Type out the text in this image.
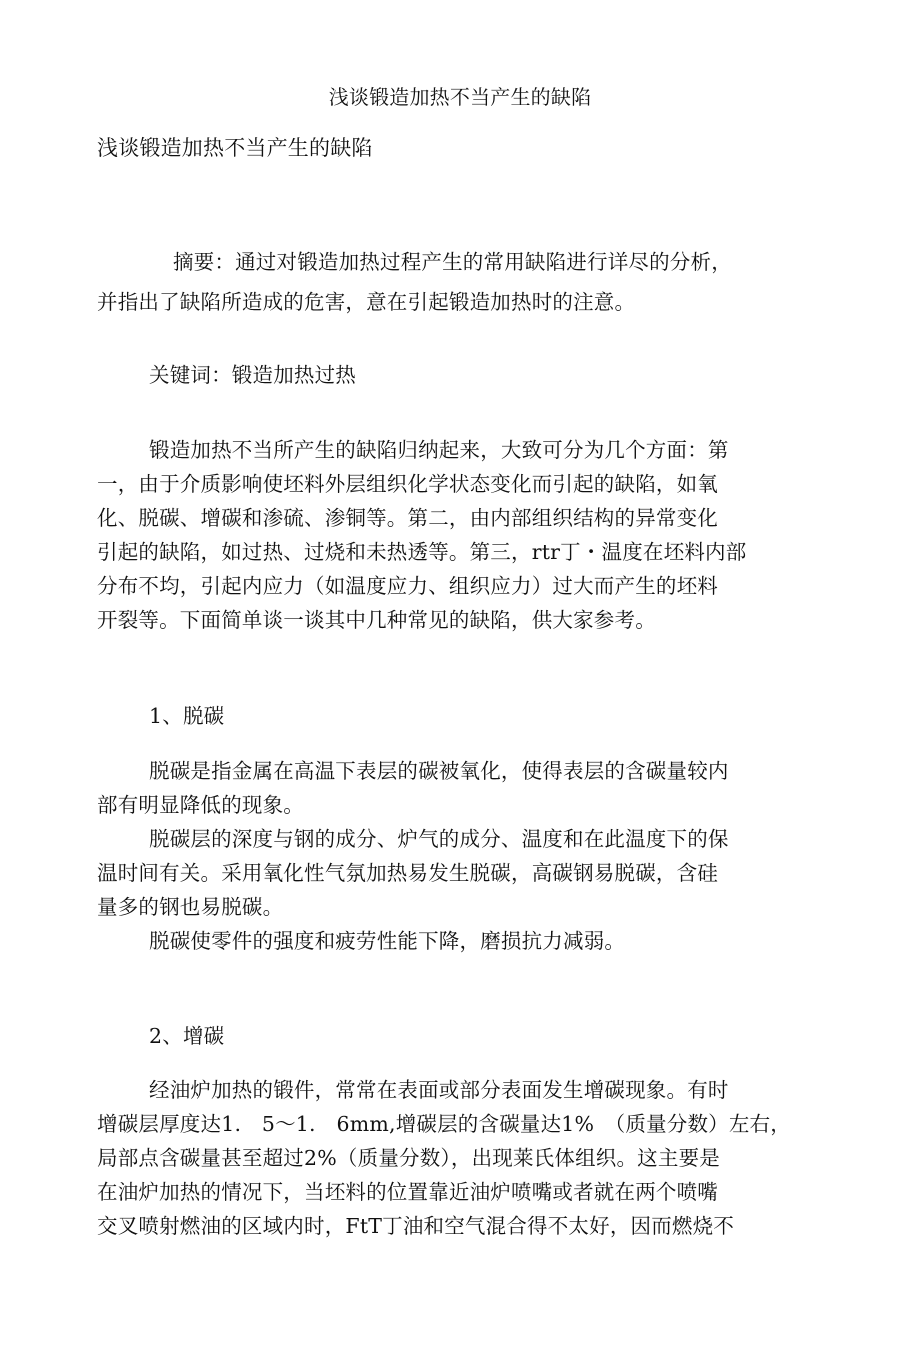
浅谈锻造加热不当产生的缺陷
浅谈锻造加热不当产生的缺陷
摘要：通过对锻造加热过程产生的常用缺陷进行详尽的分析，
并指出了缺陷所造成的危害，意在引起锻造加热时的注意。
关键词：锻造加热过热
锻造加热不当所产生的缺陷归纳起来，大致可分为几个方面：第
一，由于介质影响使坯料外层组织化学状态变化而引起的缺陷，如氧
化、脱碳、增碳和渗硫、渗铜等。第二，由内部组织结构的异常变化
引起的缺陷，如过热、过烧和未热透等。第三，rtr丁・温度在坯料内部
分布不均，引起内应力（如温度应力、组织应力）过大而产生的坯料
开裂等。下面简单谈一谈其中几种常见的缺陷，供大家参考。
1、脱碳
脱碳是指金属在高温下表层的碳被氧化，使得表层的含碳量较内
部有明显降低的现象。
脱碳层的深度与钢的成分、炉气的成分、温度和在此温度下的保
温时间有关。采用氧化性气氛加热易发生脱碳，高碳钢易脱碳，含硅
量多的钢也易脱碳。
脱碳使零件的强度和疲劳性能下降，磨损抗力减弱。
2、增碳
经油炉加热的锻件，常常在表面或部分表面发生增碳现象。有时
增碳层厚度达1.　5～1.　6mm,增碳层的含碳量达1%　（质量分数）左右，
局部点含碳量甚至超过2%（质量分数），出现莱氏体组织。这主要是
在油炉加热的情况下，当坯料的位置靠近油炉喷嘴或者就在两个喷嘴
交叉喷射燃油的区域内时，FtT丁油和空气混合得不太好，因而燃烧不
